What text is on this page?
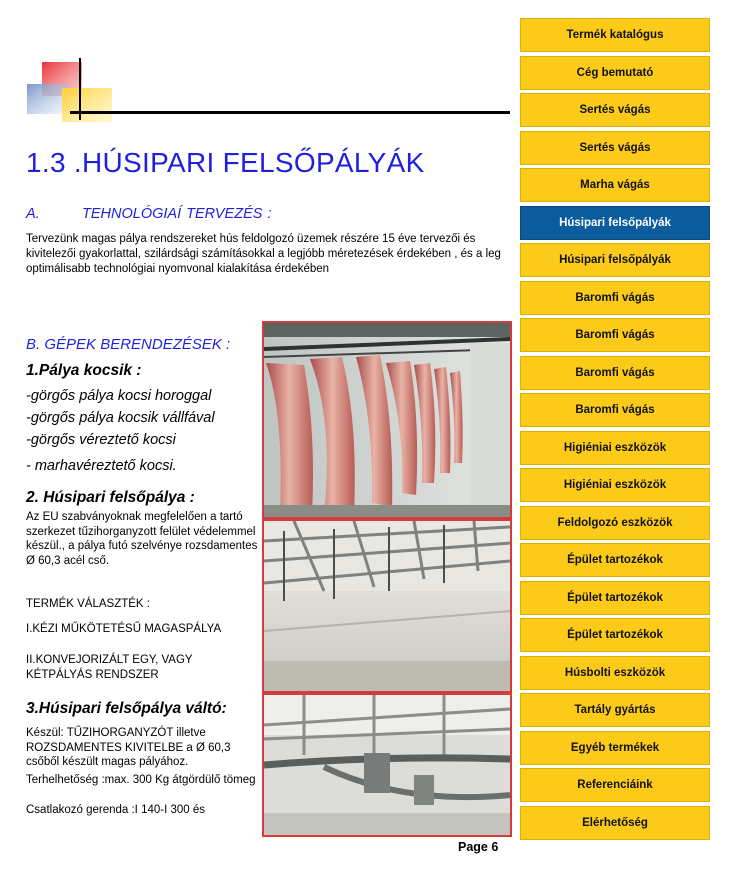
1.3 .HÚSIPARI FELSŐPÁLYÁK
A.	TEHNOLÓGIAÍ TERVEZÉS :
Tervezünk magas pálya rendszereket hús feldolgozó üzemek részére 15 éve tervezői és kivitelezői gyakorlattal, szilárdsági számításokkal a legjóbb méretezések érdekében , és a leg optimálisabb technológiai nyomvonal kialakítása érdekében
B. GÉPEK BERENDEZÉSEK :
1.Pálya kocsik :
-görgős pálya kocsi horoggal
-görgős pálya kocsik vállfával
-görgős véreztető kocsi
- marhavéreztető kocsi.
2. Húsipari felsőpálya :
Az EU szabványoknak megfelelően a tartó szerkezet tűzihorganyzott felület védelemmel készül., a pálya futó szelvénye rozsdamentes Ø 60,3 acél cső.
TERMÉK VÁLASZTÉK :
I.KÉZI MŰKÖTETÉSŰ MAGASPÁLYA
II.KONVEJORIZÁLT EGY, VAGY KÉTPÁLYÁS RENDSZER
3.Húsipari felsőpálya váltó:
Készül: TŰZIHORGANYZÓT illetve ROZSDAMENTES KIVITELBE a Ø 60,3 csőből készült magas pályához.
Terhelhetőség :max. 300 Kg átgördülő tömeg
Csatlakozó gerenda :I 140-I 300 és
Termék katalógus
Cég bemutató
Sertés vágás
Sertés vágás
Marha vágás
Húsipari felsőpályák
Húsipari felsőpályák
Baromfi vágás
Baromfi vágás
Baromfi vágás
Baromfi vágás
Higiéniai eszközök
Higiéniai eszközök
Feldolgozó eszközök
Épület tartozékok
Épület tartozékok
Épület tartozékok
Húsbolti eszközök
Tartály gyártás
Egyéb termékek
Referenciáink
Elérhetőség
Page 6
